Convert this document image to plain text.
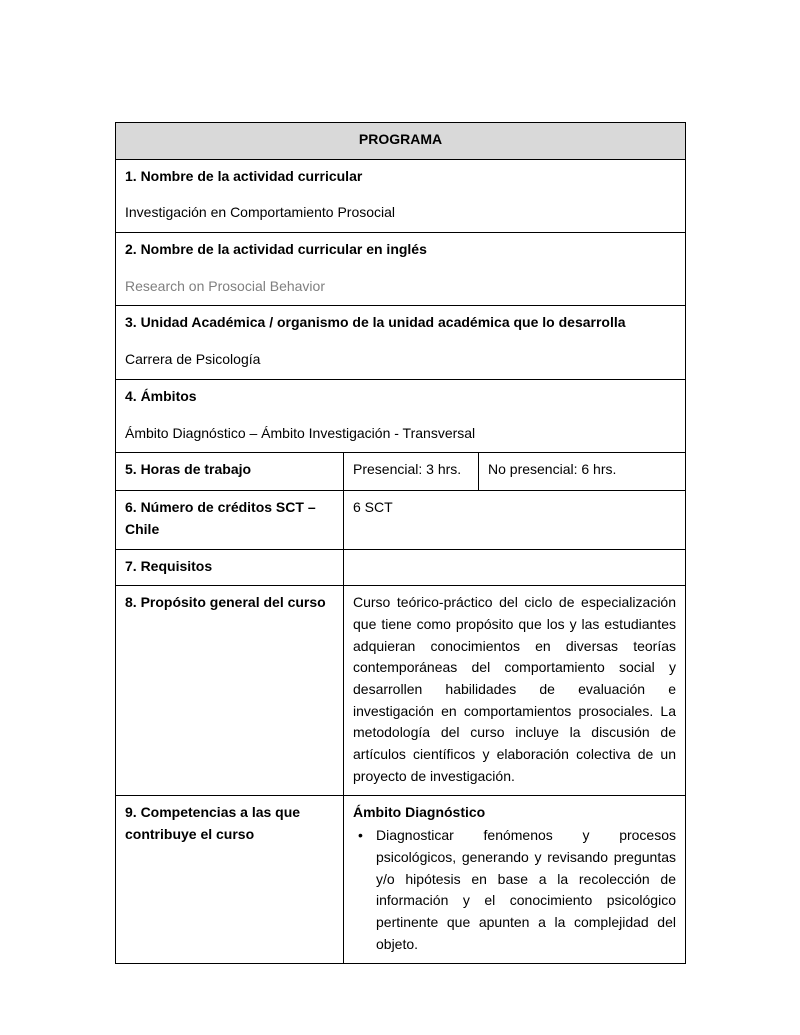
PROGRAMA		

1. Nombre de la actividad curricular
Investigación en Comportamiento Prosocial		

2. Nombre de la actividad curricular en inglés
Research on Prosocial Behavior		

3. Unidad Académica / organismo de la unidad académica que lo desarrolla
Carrera de Psicología		

4. Ámbitos
Ámbito Diagnóstico – Ámbito Investigación - Transversal		

5. Horas de trabajo	Presencial: 3 hrs.	No presencial: 6 hrs.

6. Número de créditos SCT – Chile	6 SCT	

7. Requisitos		

8. Propósito general del curso	Curso teórico-práctico del ciclo de especialización que tiene como propósito que los y las estudiantes adquieran conocimientos en diversas teorías contemporáneas del comportamiento social y desarrollen habilidades de evaluación e investigación en comportamientos prosociales. La metodología del curso incluye la discusión de artículos científicos y elaboración colectiva de un proyecto de investigación.	

9. Competencias a las que contribuye el curso	Ámbito Diagnóstico
• Diagnosticar fenómenos y procesos psicológicos, generando y revisando preguntas y/o hipótesis en base a la recolección de información y el conocimiento psicológico pertinente que apunten a la complejidad del objeto.
